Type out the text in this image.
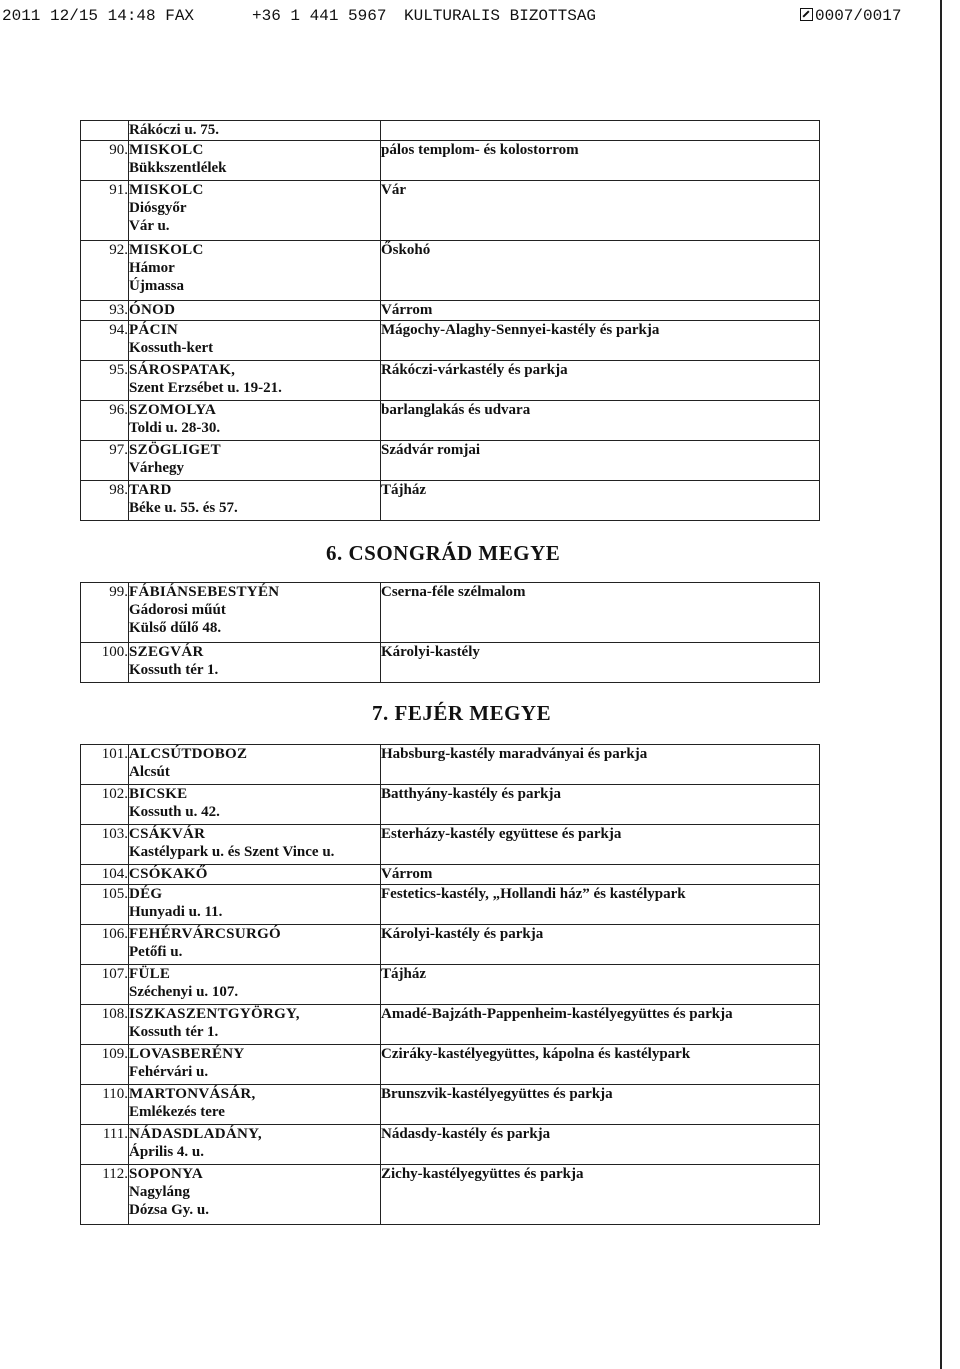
2011 12/15 14:48 FAX	+36 1 441 5967 KULTURALIS BIZOTTSAG	0007/0017

	Rákóczi u. 75.	

90.	MISKOLC
Bükkszentlélek	pálos templom- és kolostorrom

91.	MISKOLC
Diósgyőr
Vár u.	Vár

92.	MISKOLC
Hámor
Újmassa	Őskohó

93.	ÓNOD	Várrom

94.	PÁCIN
Kossuth-kert	Mágochy-Alaghy-Sennyei-kastély és parkja

95.	SÁROSPATAK,
Szent Erzsébet u. 19-21.	Rákóczi-várkastély és parkja

96.	SZOMOLYA
Toldi u. 28-30.	barlanglakás és udvara

97.	SZÖGLIGET
Várhegy	Szádvár romjai

98.	TARD
Béke u. 55. és 57.	Tájház
6. CSONGRÁD MEGYE
99.	FÁBIÁNSEBESTYÉN
Gádorosi műút
Külső dűlő 48.	Cserna-féle szélmalom

100.	SZEGVÁR
Kossuth tér 1.	Károlyi-kastély
7. FEJÉR MEGYE
101.	ALCSÚTDOBOZ
Alcsút	Habsburg-kastély maradványai és parkja

102.	BICSKE
Kossuth u. 42.	Batthyány-kastély és parkja

103.	CSÁKVÁR
Kastélypark u. és Szent Vince u.	Esterházy-kastély együttese és parkja

104.	CSÓKAKŐ	Várrom

105.	DÉG
Hunyadi u. 11.	Festetics-kastély, „Hollandi ház” és kastélypark

106.	FEHÉRVÁRCSURGÓ
Petőfi u.	Károlyi-kastély és parkja

107.	FÜLE
Széchenyi u. 107.	Tájház

108.	ISZKASZENTGYÖRGY,
Kossuth tér 1.	Amadé-Bajzáth-Pappenheim-kastélyegyüttes és parkja

109.	LOVASBERÉNY
Fehérvári u.	Cziráky-kastélyegyüttes, kápolna és kastélypark

110.	MARTONVÁSÁR,
Emlékezés tere	Brunszvik-kastélyegyüttes és parkja

111.	NÁDASDLADÁNY,
Április 4. u.	Nádasdy-kastély és parkja

112.	SOPONYA
Nagyláng
Dózsa Gy. u.	Zichy-kastélyegyüttes és parkja
